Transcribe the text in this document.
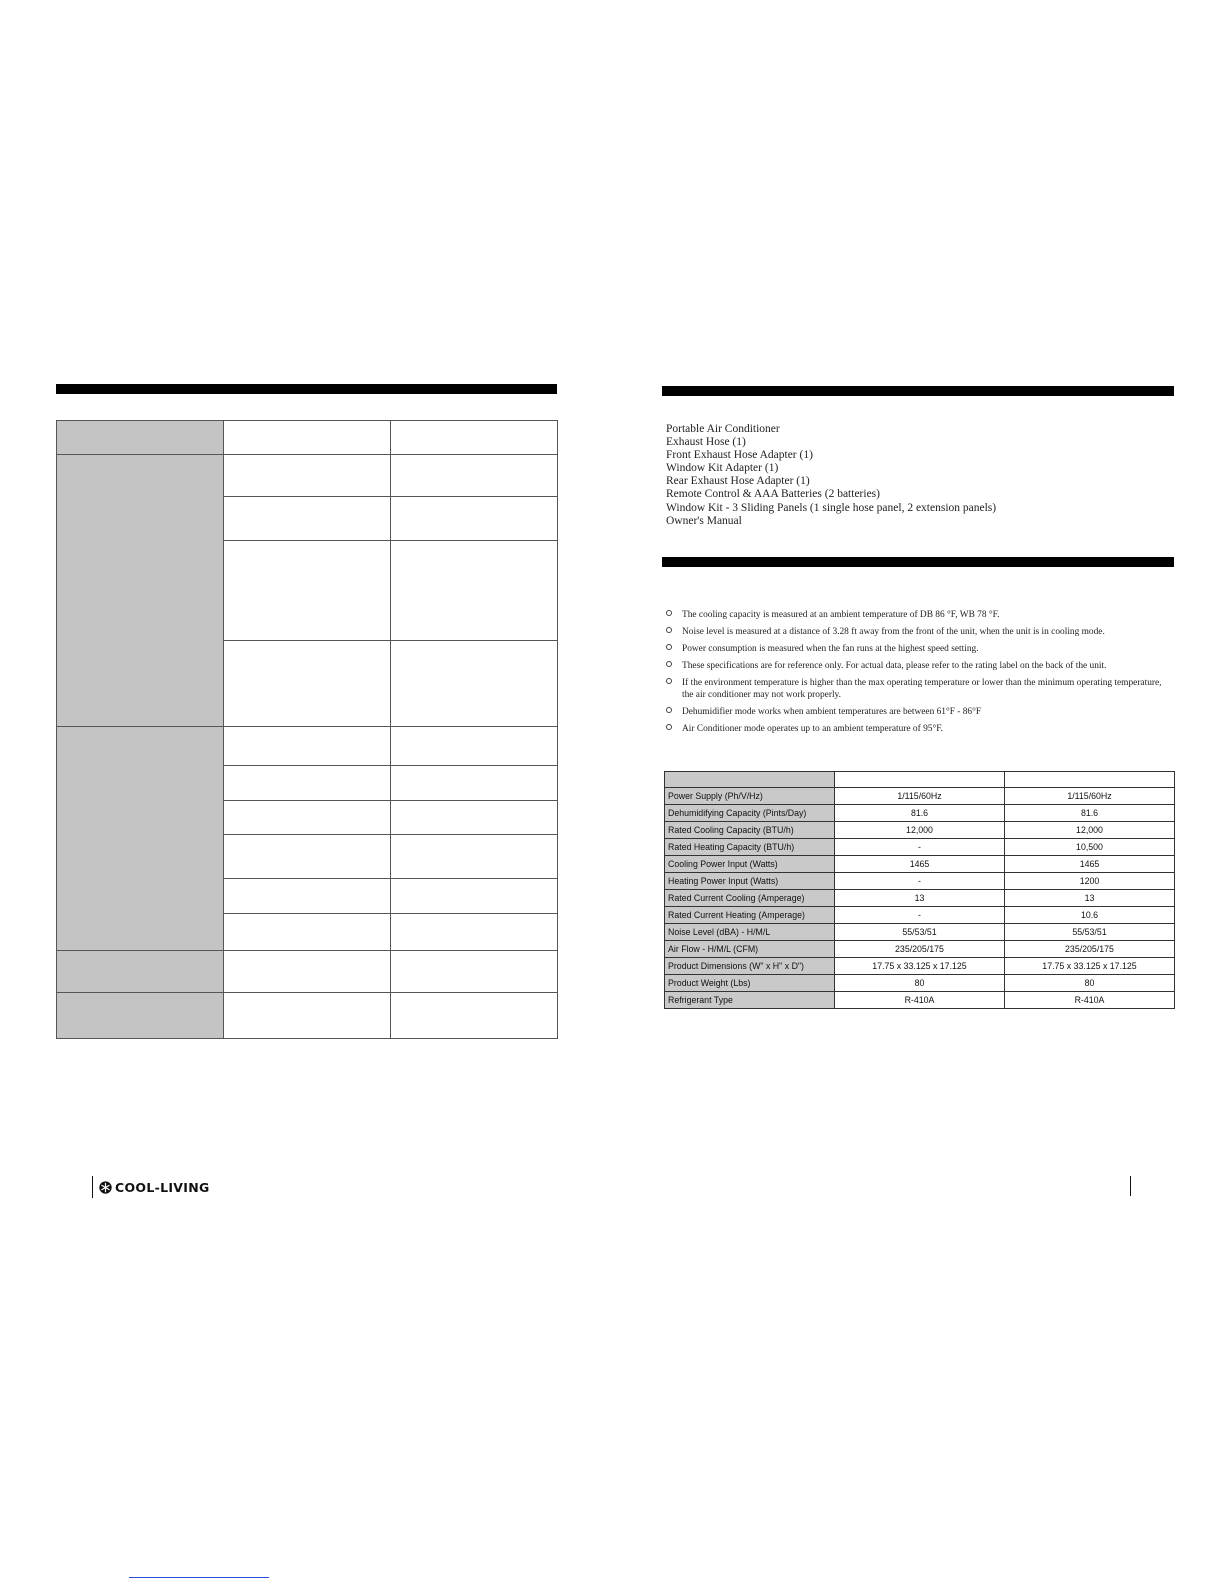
Portable Air Conditioner
Exhaust Hose (1)
Front Exhaust Hose Adapter (1)
Window Kit Adapter (1)
Rear Exhaust Hose Adapter (1)
Remote Control & AAA Batteries (2 batteries)
Window Kit - 3 Sliding Panels (1 single hose panel, 2 extension panels)
Owner's Manual
The cooling capacity is measured at an ambient temperature of DB 86 °F, WB 78 °F.
Noise level is measured at a distance of 3.28 ft away from the front of the unit, when the unit is in cooling mode.
Power consumption is measured when the fan runs at the highest speed setting.
These specifications are for reference only. For actual data, please refer to the rating label on the back of the unit.
If the environment temperature is higher than the max operating temperature or lower than the minimum operating temperature, the air conditioner may not work properly.
Dehumidifier mode works when ambient temperatures are between 61°F - 86°F
Air Conditioner mode operates up to an ambient temperature of 95°F.

Power Supply (Ph/V/Hz)	1/115/60Hz	1/115/60Hz
Dehumidifying Capacity (Pints/Day)	81.6	81.6
Rated Cooling Capacity (BTU/h)	12,000	12,000
Rated Heating Capacity (BTU/h)	-	10,500
Cooling Power Input (Watts)	1465	1465
Heating Power Input (Watts)	-	1200
Rated Current Cooling (Amperage)	13	13
Rated Current Heating (Amperage)	-	10.6
Noise Level (dBA) - H/M/L	55/53/51	55/53/51
Air Flow - H/M/L (CFM)	235/205/175	235/205/175
Product Dimensions (W" x H" x D")	17.75 x 33.125 x 17.125	17.75 x 33.125 x 17.125
Product Weight (Lbs)	80	80
Refrigerant Type	R-410A	R-410A
COOL-LIVING
